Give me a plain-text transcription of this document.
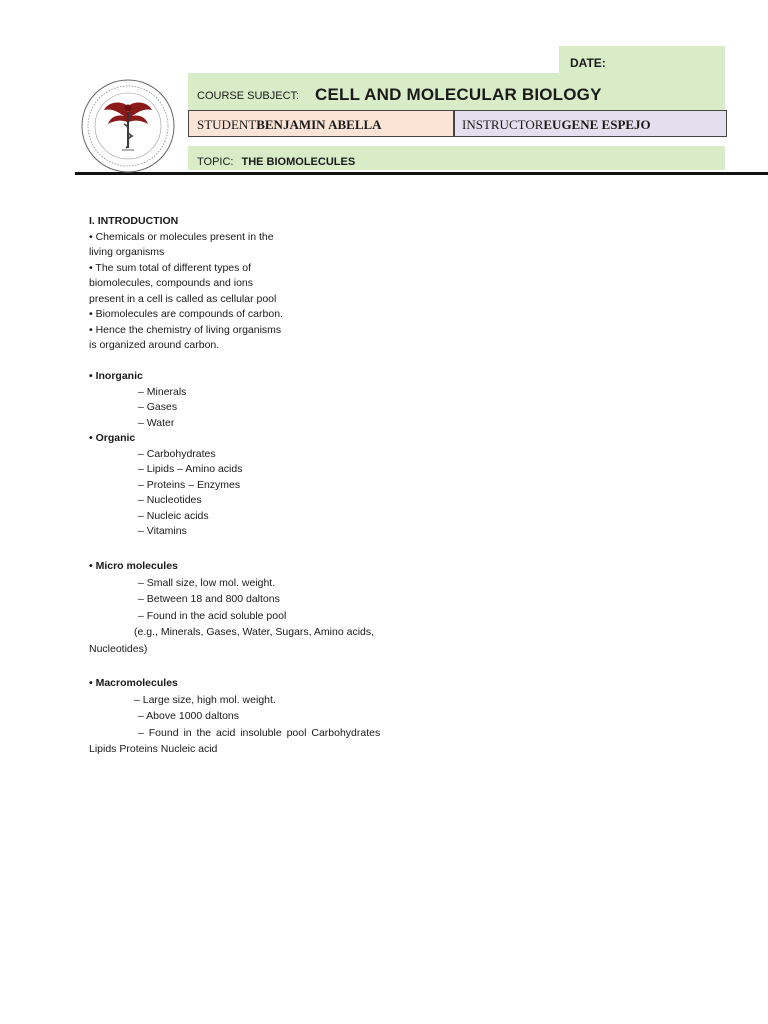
DATE:
COURSE SUBJECT: CELL AND MOLECULAR BIOLOGY
STUDENTBENJAMIN ABELLA	INSTRUCTOREUGENE ESPEJO
TOPIC: THE BIOMOLECULES
I. INTRODUCTION
• Chemicals or molecules present in the
living organisms
• The sum total of different types of
biomolecules, compounds and ions
present in a cell is called as cellular pool
• Biomolecules are compounds of carbon.
• Hence the chemistry of living organisms
is organized around carbon.
• Inorganic
– Minerals
– Gases
– Water
• Organic
– Carbohydrates
– Lipids – Amino acids
– Proteins – Enzymes
– Nucleotides
– Nucleic acids
– Vitamins
• Micro molecules
– Small size, low mol. weight.
– Between 18 and 800 daltons
– Found in the acid soluble pool
(e.g., Minerals, Gases, Water, Sugars, Amino acids,
Nucleotides)
• Macromolecules
– Large size, high mol. weight.
– Above 1000 daltons
– Found in the acid insoluble pool Carbohydrates
Lipids Proteins Nucleic acid
